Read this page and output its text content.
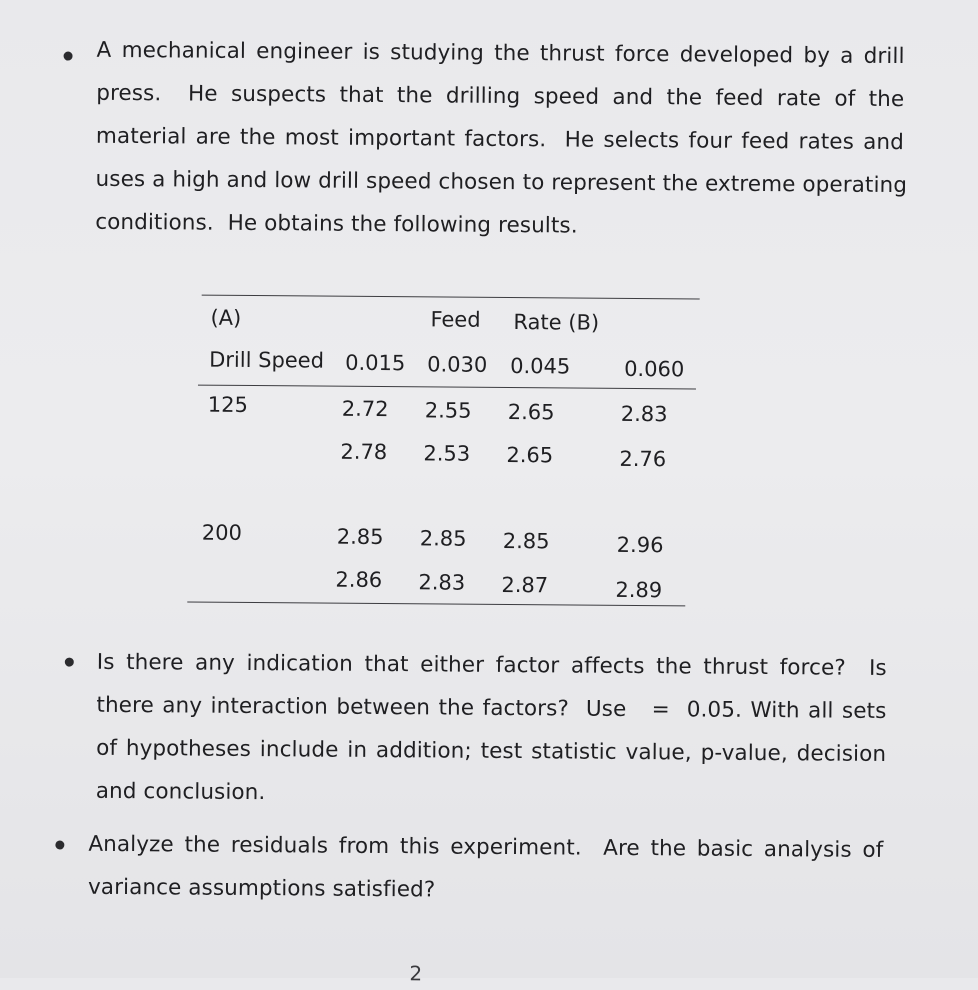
A mechanical engineer is studying the thrust force developed by a drill
press.  He suspects that the drilling speed and the feed rate of the
material are the most important factors.  He selects four feed rates and
uses a high and low drill speed chosen to represent the extreme operating
conditions.  He obtains the following results.
(A)	Feed Rate (B)
Drill Speed 0.015 0.030 0.045	0.060
125	2.72 2.55 2.65	2.83
2.78 2.53 2.65	2.76
200	2.85 2.85 2.85	2.96
2.86 2.83 2.87	2.89
Is there any indication that either factor affects the thrust force?  Is
there any interaction between the factors?  Use   =  0.05. With all sets
of hypotheses include in addition; test statistic value, p-value, decision
and conclusion.
Analyze the residuals from this experiment.  Are the basic analysis of
variance assumptions satisfied?
2
